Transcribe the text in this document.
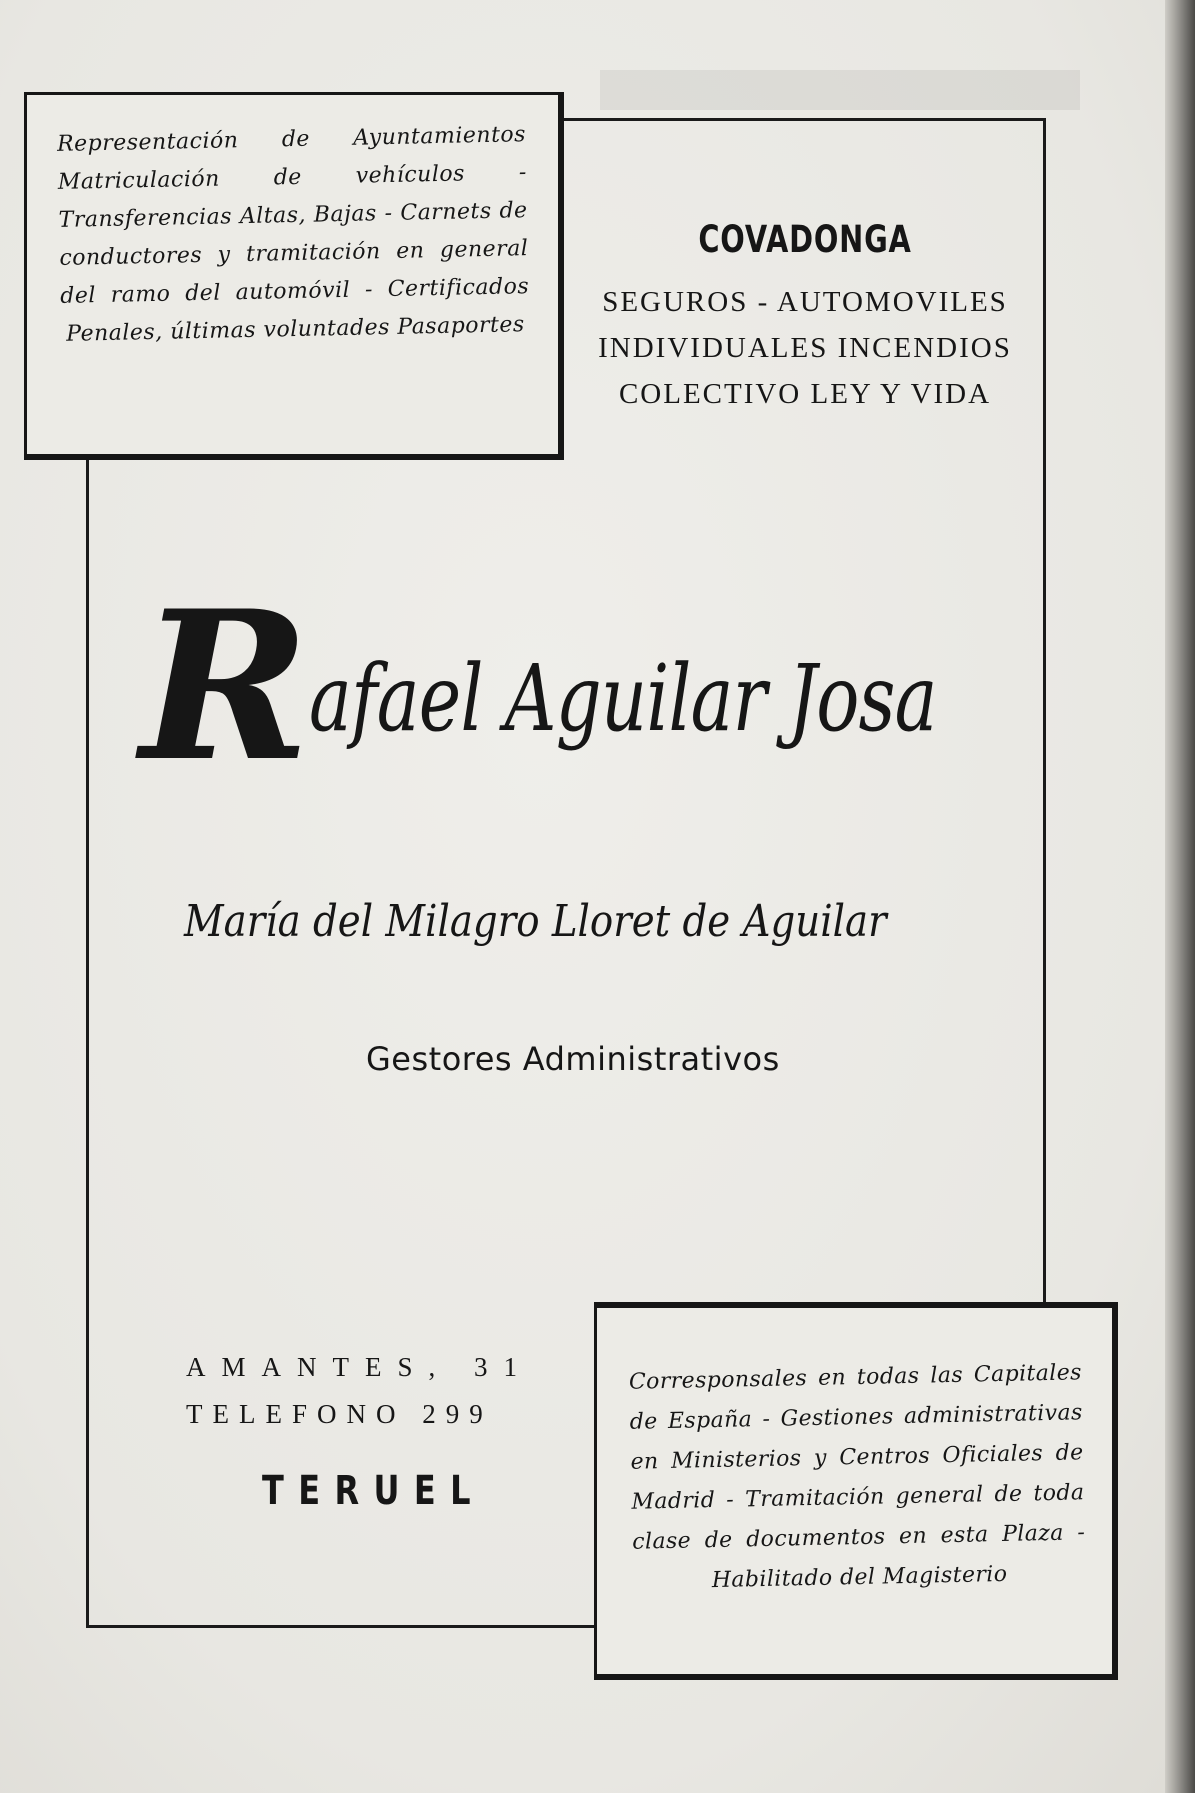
Representación de Ayuntamientos Matriculación de vehículos - Transferencias Altas, Bajas - Carnets de conductores y tramitación en general del ramo del automóvil - Certificados Penales, últimas voluntades Pasaportes
COVADONGA
SEGUROS - AUTOMOVILES
INDIVIDUALES INCENDIOS
COLECTIVO LEY Y VIDA
Rafael Aguilar Josa
María del Milagro Lloret de Aguilar
Gestores Administrativos
AMANTES, 31
TELEFONO 299
TERUEL
Corresponsales en todas las Capitales de España - Gestiones administrativas en Ministerios y Centros Oficiales de Madrid - Tramitación general de toda clase de documentos en esta Plaza - Habilitado del Magisterio
